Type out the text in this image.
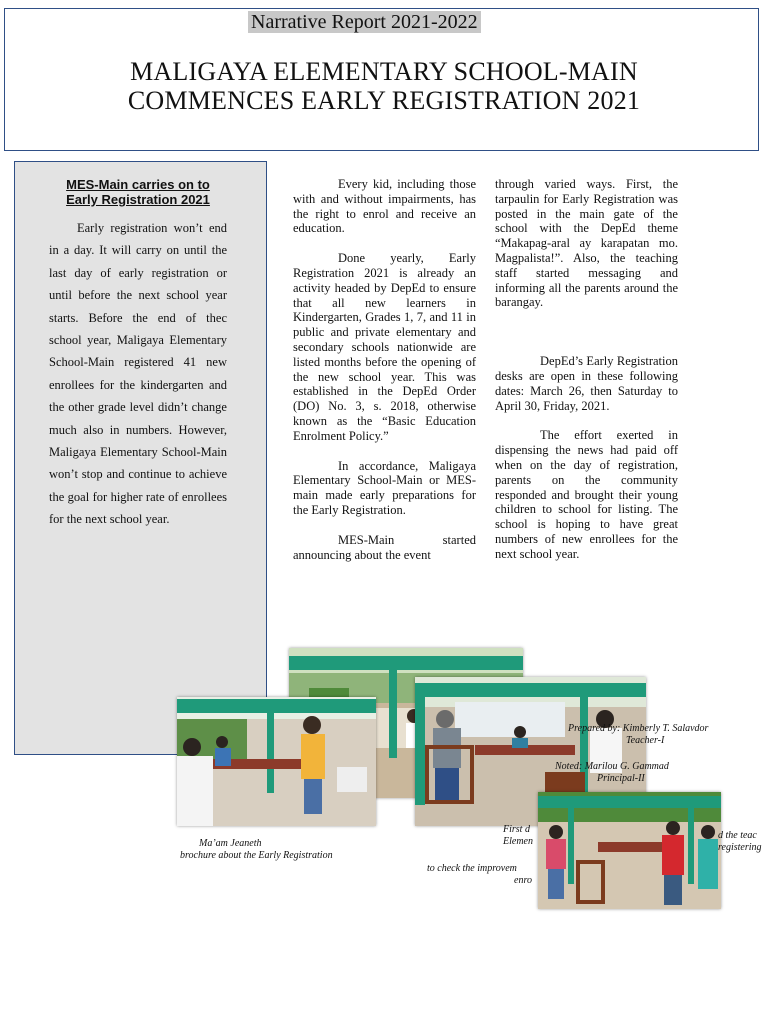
Narrative Report 2021-2022
MALIGAYA ELEMENTARY SCHOOL-MAIN
COMMENCES EARLY REGISTRATION 2021
MES-Main carries on to
Early Registration 2021

Early registration won’t end in a day. It will carry on until the last day of early registration or until before the next school year starts. Before the end of thec school year, Maligaya Elementary School-Main registered 41 new enrollees for the kindergarten and the other grade level didn’t change much also in numbers. However, Maligaya Elementary School-Main won’t stop and continue to achieve the goal for higher rate of enrollees for the next school year.

Every kid, including those with and without impairments, has the right to enrol and receive an education.

Done yearly, Early Registration 2021 is already an activity headed by DepEd to ensure that all new learners in Kindergarten, Grades 1, 7, and 11 in public and private elementary and secondary schools nationwide are listed months before the opening of the new school year. This was established in the DepEd Order (DO) No. 3, s. 2018, otherwise known as the “Basic Education Enrolment Policy.”

In accordance, Maligaya Elementary School-Main or MES-main made early preparations for the Early Registration.

MES-Main started announcing about the event

through varied ways. First, the tarpaulin for Early Registration was posted in the main gate of the school with the DepEd theme “Makapag-aral ay karapatan mo. Magpalista!”. Also, the teaching staff started messaging and informing all the parents around the barangay.

DepEd’s Early Registration desks are open in these following dates: March 26, then Saturday to April 30, Friday, 2021.

The effort exerted in dispensing the news had paid off when on the day of registration, parents on the community responded and brought their young children to school for listing. The school is hoping to have great numbers of new enrollees for the next school year.

Ma’am Jeaneth
brochure about the Early Registration
First d
Elemen
to check the improvem
enro
d the teac
registering
Prepared by: Kimberly T. Salavdor
Teacher-I
Noted: Marilou G. Gammad
Principal-II
